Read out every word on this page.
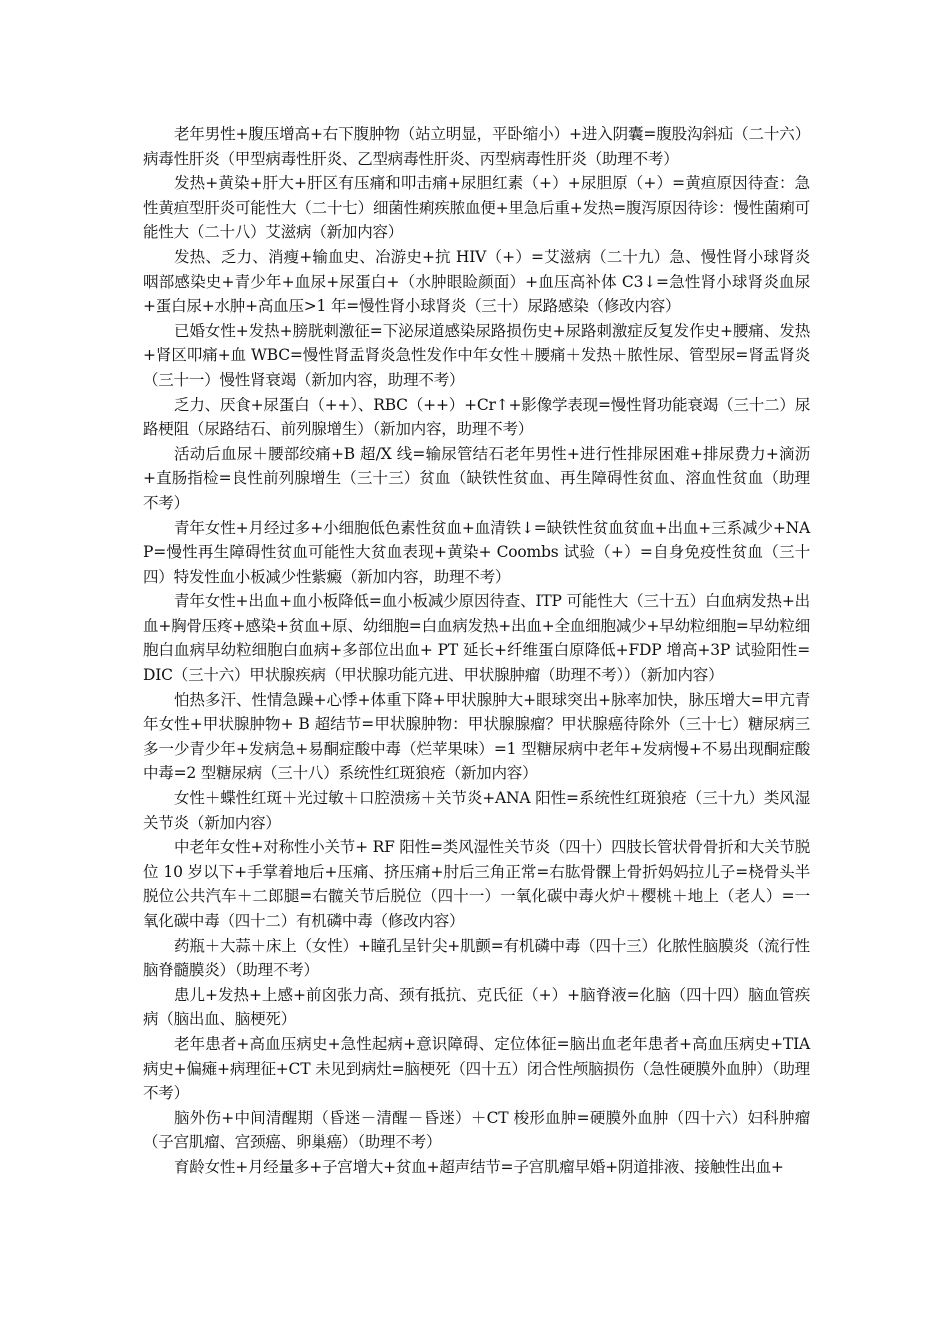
老年男性+腹压增高+右下腹肿物（站立明显，平卧缩小）+进入阴囊=腹股沟斜疝（二十六）病毒性肝炎（甲型病毒性肝炎、乙型病毒性肝炎、丙型病毒性肝炎（助理不考）

发热+黄染+肝大+肝区有压痛和叩击痛+尿胆红素（+）+尿胆原（+）=黄疸原因待查：急性黄疸型肝炎可能性大（二十七）细菌性痢疾脓血便+里急后重+发热=腹泻原因待诊：慢性菌痢可能性大（二十八）艾滋病（新加内容）

发热、乏力、消瘦+输血史、冶游史+抗 HIV（+）=艾滋病（二十九）急、慢性肾小球肾炎咽部感染史+青少年+血尿+尿蛋白+（水肿眼睑颜面）+血压高补体 C3↓=急性肾小球肾炎血尿+蛋白尿+水肿+高血压>1 年=慢性肾小球肾炎（三十）尿路感染（修改内容）

已婚女性+发热+膀胱刺激征=下泌尿道感染尿路损伤史+尿路刺激症反复发作史+腰痛、发热+肾区叩痛+血 WBC=慢性肾盂肾炎急性发作中年女性＋腰痛＋发热＋脓性尿、管型尿=肾盂肾炎（三十一）慢性肾衰竭（新加内容，助理不考）

乏力、厌食+尿蛋白（++）、RBC（++）+Cr↑+影像学表现=慢性肾功能衰竭（三十二）尿路梗阻（尿路结石、前列腺增生）（新加内容，助理不考）

活动后血尿＋腰部绞痛+B 超/X 线=输尿管结石老年男性+进行性排尿困难+排尿费力+滴沥+直肠指检=良性前列腺增生（三十三）贫血（缺铁性贫血、再生障碍性贫血、溶血性贫血（助理不考）

青年女性+月经过多+小细胞低色素性贫血+血清铁↓=缺铁性贫血贫血+出血+三系减少+NAP=慢性再生障碍性贫血可能性大贫血表现+黄染+ Coombs 试验（+）=自身免疫性贫血（三十四）特发性血小板减少性紫癜（新加内容，助理不考）

青年女性+出血+血小板降低=血小板减少原因待查、ITP 可能性大（三十五）白血病发热+出血+胸骨压疼+感染+贫血+原、幼细胞=白血病发热+出血+全血细胞减少+早幼粒细胞=早幼粒细胞白血病早幼粒细胞白血病+多部位出血+ PT 延长+纤维蛋白原降低+FDP 增高+3P 试验阳性=DIC（三十六）甲状腺疾病（甲状腺功能亢进、甲状腺肿瘤（助理不考））（新加内容）

怕热多汗、性情急躁+心悸+体重下降+甲状腺肿大+眼球突出+脉率加快，脉压增大=甲亢青年女性+甲状腺肿物+ B 超结节=甲状腺肿物：甲状腺腺瘤？甲状腺癌待除外（三十七）糖尿病三多一少青少年+发病急+易酮症酸中毒（烂苹果味）=1 型糖尿病中老年+发病慢+不易出现酮症酸中毒=2 型糖尿病（三十八）系统性红斑狼疮（新加内容）

女性＋蝶性红斑＋光过敏＋口腔溃疡＋关节炎+ANA 阳性=系统性红斑狼疮（三十九）类风湿关节炎（新加内容）

中老年女性+对称性小关节+ RF 阳性=类风湿性关节炎（四十）四肢长管状骨骨折和大关节脱位 10 岁以下+手掌着地后+压痛、挤压痛+肘后三角正常=右肱骨髁上骨折妈妈拉儿子=桡骨头半脱位公共汽车＋二郎腿=右髋关节后脱位（四十一）一氧化碳中毒火炉＋樱桃＋地上（老人）=一氧化碳中毒（四十二）有机磷中毒（修改内容）

药瓶＋大蒜＋床上（女性）+瞳孔呈针尖+肌颤=有机磷中毒（四十三）化脓性脑膜炎（流行性脑脊髓膜炎）（助理不考）

患儿+发热+上感+前囟张力高、颈有抵抗、克氏征（+）+脑脊液=化脑（四十四）脑血管疾病（脑出血、脑梗死）

老年患者+高血压病史+急性起病+意识障碍、定位体征=脑出血老年患者+高血压病史+TIA 病史+偏瘫+病理征+CT 未见到病灶=脑梗死（四十五）闭合性颅脑损伤（急性硬膜外血肿）（助理不考）

脑外伤+中间清醒期（昏迷－清醒－昏迷）＋CT 梭形血肿=硬膜外血肿（四十六）妇科肿瘤（子宫肌瘤、宫颈癌、卵巢癌）（助理不考）

育龄女性+月经量多+子宫增大+贫血+超声结节=子宫肌瘤早婚+阴道排液、接触性出血+
